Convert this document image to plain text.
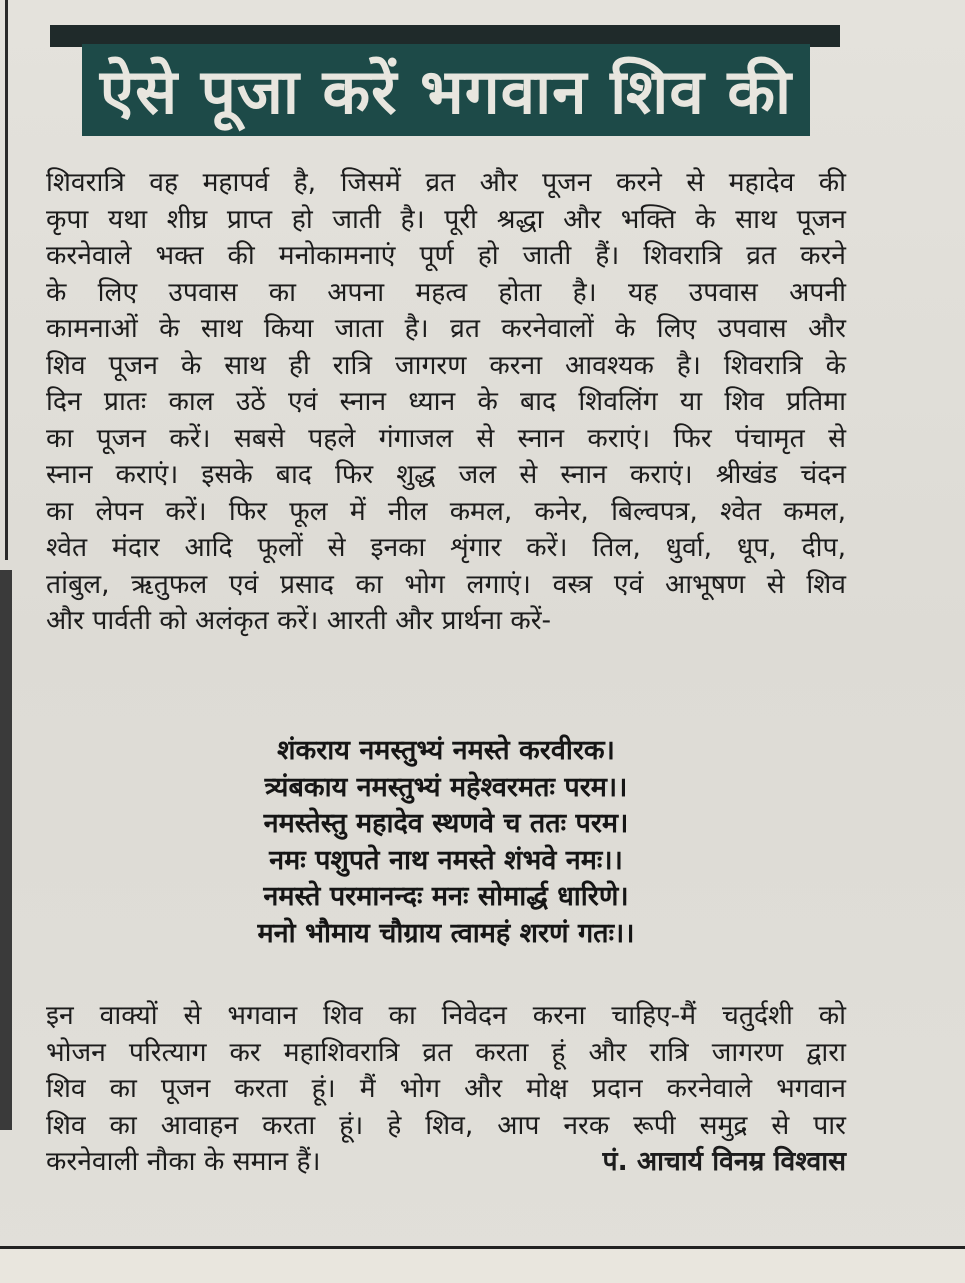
ऐसे पूजा करें भगवान शिव की
शिवरात्रि वह महापर्व है, जिसमें व्रत और पूजन करने से महादेव की
कृपा यथा शीघ्र प्राप्त हो जाती है। पूरी श्रद्धा और भक्ति के साथ पूजन
करनेवाले भक्त की मनोकामनाएं पूर्ण हो जाती हैं। शिवरात्रि व्रत करने
के लिए उपवास का अपना महत्व होता है। यह उपवास अपनी
कामनाओं के साथ किया जाता है। व्रत करनेवालों के लिए उपवास और
शिव पूजन के साथ ही रात्रि जागरण करना आवश्यक है। शिवरात्रि के
दिन प्रातः काल उठें एवं स्नान ध्यान के बाद शिवलिंग या शिव प्रतिमा
का पूजन करें। सबसे पहले गंगाजल से स्नान कराएं। फिर पंचामृत से
स्नान कराएं। इसके बाद फिर शुद्ध जल से स्नान कराएं। श्रीखंड चंदन
का लेपन करें। फिर फूल में नील कमल, कनेर, बिल्वपत्र, श्वेत कमल,
श्वेत मंदार आदि फूलों से इनका शृंगार करें। तिल, धुर्वा, धूप, दीप,
तांबुल, ऋतुफल एवं प्रसाद का भोग लगाएं। वस्त्र एवं आभूषण से शिव
और पार्वती को अलंकृत करें। आरती और प्रार्थना करें-
शंकराय नमस्तुभ्यं नमस्ते करवीरक।
त्र्यंबकाय नमस्तुभ्यं महेश्वरमतः परम।।
नमस्तेस्तु महादेव स्थणवे च ततः परम।
नमः पशुपते नाथ नमस्ते शंभवे नमः।।
नमस्ते परमानन्दः मनः सोमार्द्ध धारिणे।
मनो भौमाय चौग्राय त्वामहं शरणं गतः।।
इन वाक्यों से भगवान शिव का निवेदन करना चाहिए-मैं चतुर्दशी को
भोजन परित्याग कर महाशिवरात्रि व्रत करता हूं और रात्रि जागरण द्वारा
शिव का पूजन करता हूं। मैं भोग और मोक्ष प्रदान करनेवाले भगवान
शिव का आवाहन करता हूं। हे शिव, आप नरक रूपी समुद्र से पार
करनेवाली नौका के समान हैं।	पं. आचार्य विनम्र विश्वास
